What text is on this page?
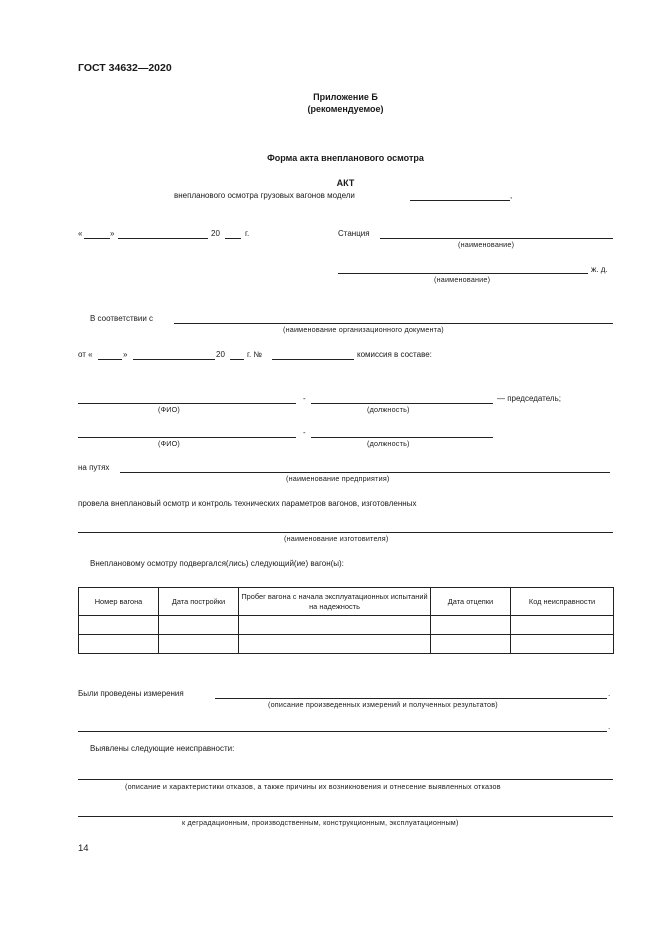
ГОСТ 34632—2020
Приложение Б
(рекомендуемое)
Форма акта внепланового осмотра
АКТ
внепланового осмотра грузовых вагонов модели	,
«	»	20	г.	Станция
(наименование)
ж. д.
(наименование)
В соответствии с
(наименование организационного документа)
от «	»	20	г. №	комиссия в составе:
-	— председатель;
(ФИО)	(должность)
-
(ФИО)	(должность)
на путях
(наименование предприятия)
провела внеплановый осмотр и контроль технических параметров вагонов, изготовленных
(наименование изготовителя)
Внеплановому осмотру подвергался(лись) следующий(ие) вагон(ы):
Номер вагона	Дата постройки	Пробег вагона с начала эксплуатационных испытаний на надежность	Дата отцепки	Код неисправности

Были проведены измерения	.
(описание произведенных измерений и полученных результатов)
.
Выявлены следующие неисправности:
(описание и характеристики отказов, а также причины их возникновения и отнесение выявленных отказов
к деградационным, производственным, конструкционным, эксплуатационным)
14
